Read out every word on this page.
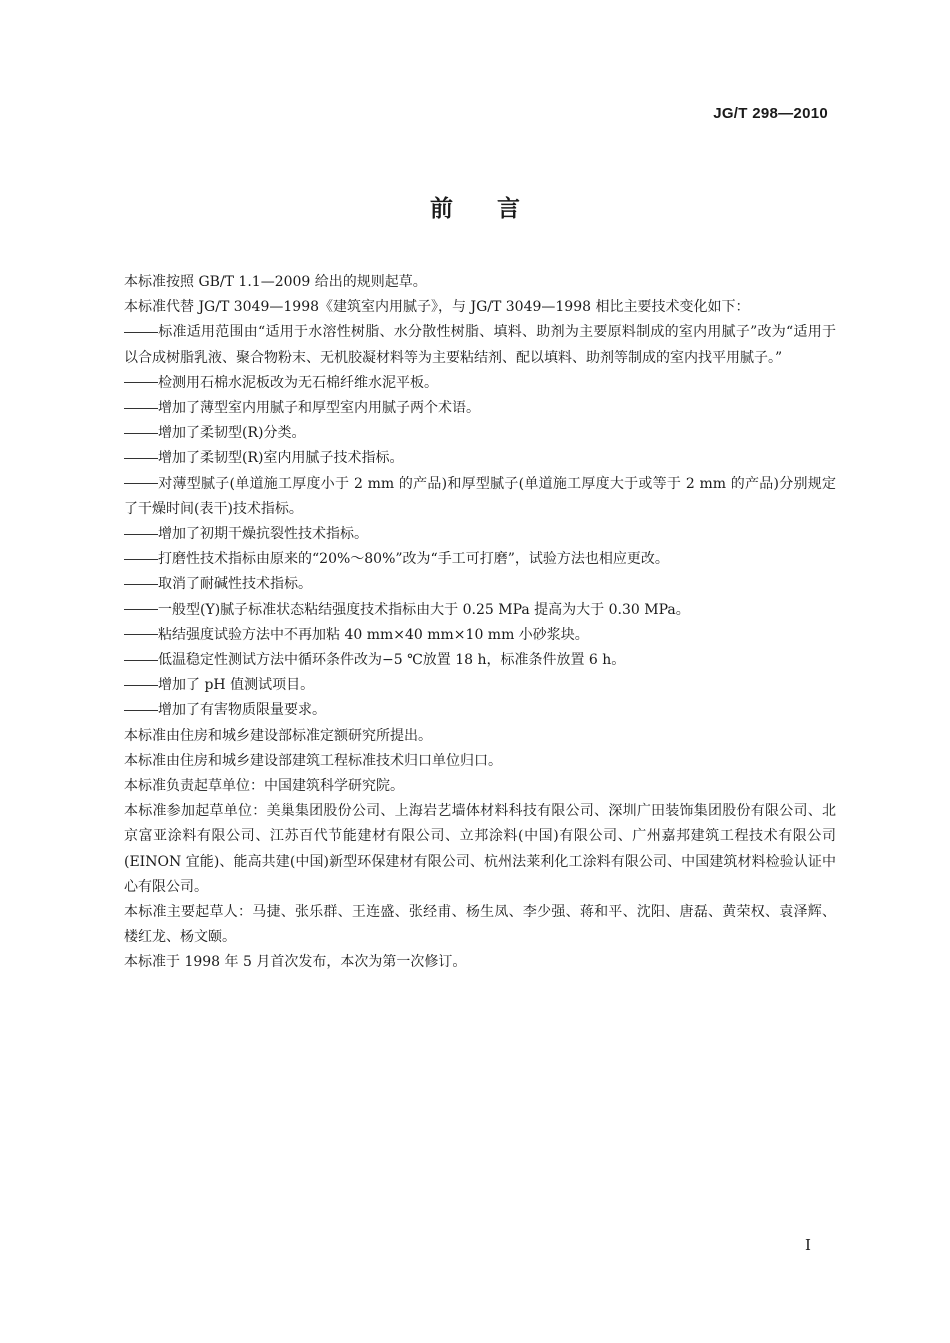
JG/T 298—2010
前言

本标准按照 GB/T 1.1—2009 给出的规则起草。

本标准代替 JG/T 3049—1998《建筑室内用腻子》，与 JG/T 3049—1998 相比主要技术变化如下：

标准适用范围由“适用于水溶性树脂、水分散性树脂、填料、助剂为主要原料制成的室内用腻子”改为“适用于以合成树脂乳液、聚合物粉末、无机胶凝材料等为主要粘结剂、配以填料、助剂等制成的室内找平用腻子。”

检测用石棉水泥板改为无石棉纤维水泥平板。

增加了薄型室内用腻子和厚型室内用腻子两个术语。

增加了柔韧型(R)分类。

增加了柔韧型(R)室内用腻子技术指标。

对薄型腻子(单道施工厚度小于 2 mm 的产品)和厚型腻子(单道施工厚度大于或等于 2 mm 的产品)分别规定了干燥时间(表干)技术指标。

增加了初期干燥抗裂性技术指标。

打磨性技术指标由原来的“20%～80%”改为“手工可打磨”，试验方法也相应更改。

取消了耐碱性技术指标。

一般型(Y)腻子标准状态粘结强度技术指标由大于 0.25 MPa 提高为大于 0.30 MPa。

粘结强度试验方法中不再加粘 40 mm×40 mm×10 mm 小砂浆块。

低温稳定性测试方法中循环条件改为−5 ℃放置 18 h，标准条件放置 6 h。

增加了 pH 值测试项目。

增加了有害物质限量要求。

本标准由住房和城乡建设部标准定额研究所提出。

本标准由住房和城乡建设部建筑工程标准技术归口单位归口。

本标准负责起草单位：中国建筑科学研究院。

本标准参加起草单位：美巢集团股份公司、上海岩艺墙体材料科技有限公司、深圳广田装饰集团股份有限公司、北京富亚涂料有限公司、江苏百代节能建材有限公司、立邦涂料(中国)有限公司、广州嘉邦建筑工程技术有限公司(EINON 宜能)、能高共建(中国)新型环保建材有限公司、杭州法莱利化工涂料有限公司、中国建筑材料检验认证中心有限公司。

本标准主要起草人：马捷、张乐群、王连盛、张经甫、杨生凤、李少强、蒋和平、沈阳、唐磊、黄荣权、袁泽辉、楼红龙、杨文颐。

本标准于 1998 年 5 月首次发布，本次为第一次修订。

I
